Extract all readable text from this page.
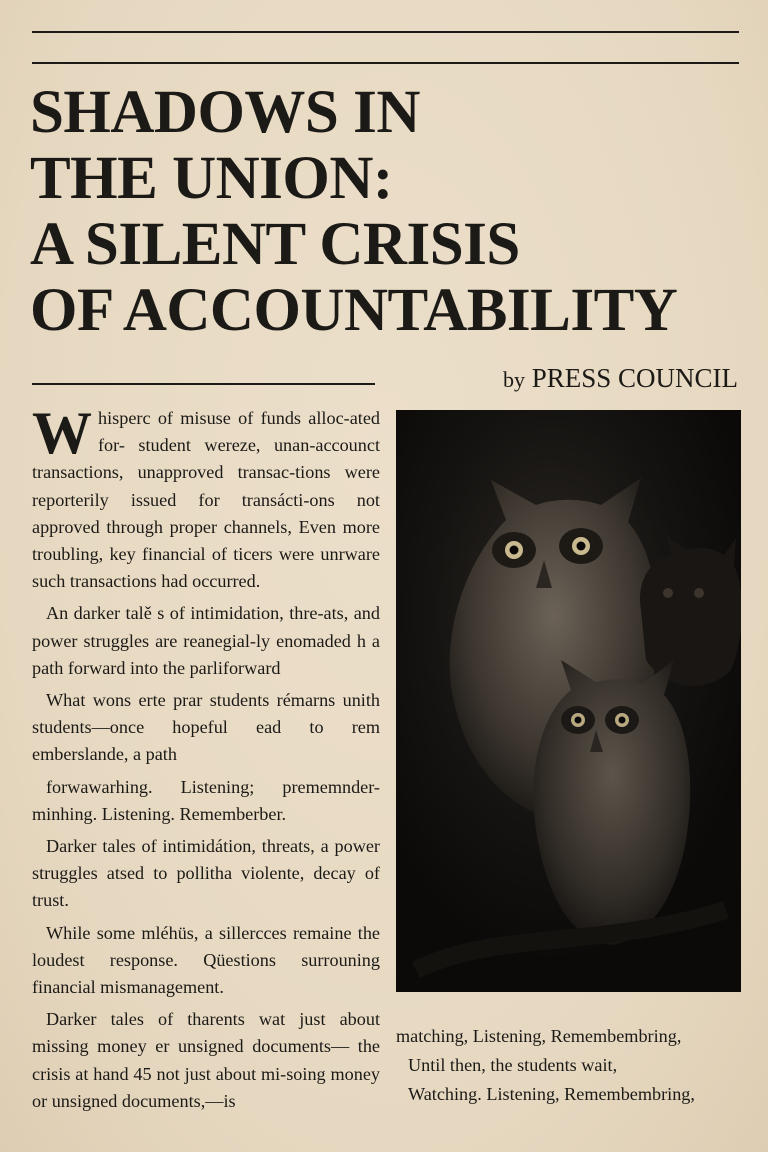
SHADOWS IN
THE UNION:
A SILENT CRISIS
OF ACCOUNTABILITY
by PRESS COUNCIL

Whisperc of misuse of funds alloc-ated for- student wereze, unan-accounct transactions, unapproved transac-tions were reporterily issued for transácti-ons not approved through proper channels, Even more troubling, key financial of ticers were unrware such transactions had occurred.

An darker talě s of intimidation, thre-ats, and power struggles are reanegial-ly enomaded h a path forward into the parliforward

What wons erte prar students rémarns unith students—once hopeful ead to rem emberslande, a path

forwawarhing. Listening; prememnder-minhing. Listening. Rememberber.

Darker tales of intimidátion, threats, a power struggles atsed to pollitha violente, decay of trust.

While some mléhüs, a sillercces remaine the loudest response. Qüestions surrouning financial mismanagement.

Darker tales of tharents wat just about missing money er unsigned documents— the crisis at hand 45 not just about mi-soing money or unsigned documents,—is

matching, Listening, Remembembring,

Until then, the students wait,

Watching. Listening, Remembembring,
